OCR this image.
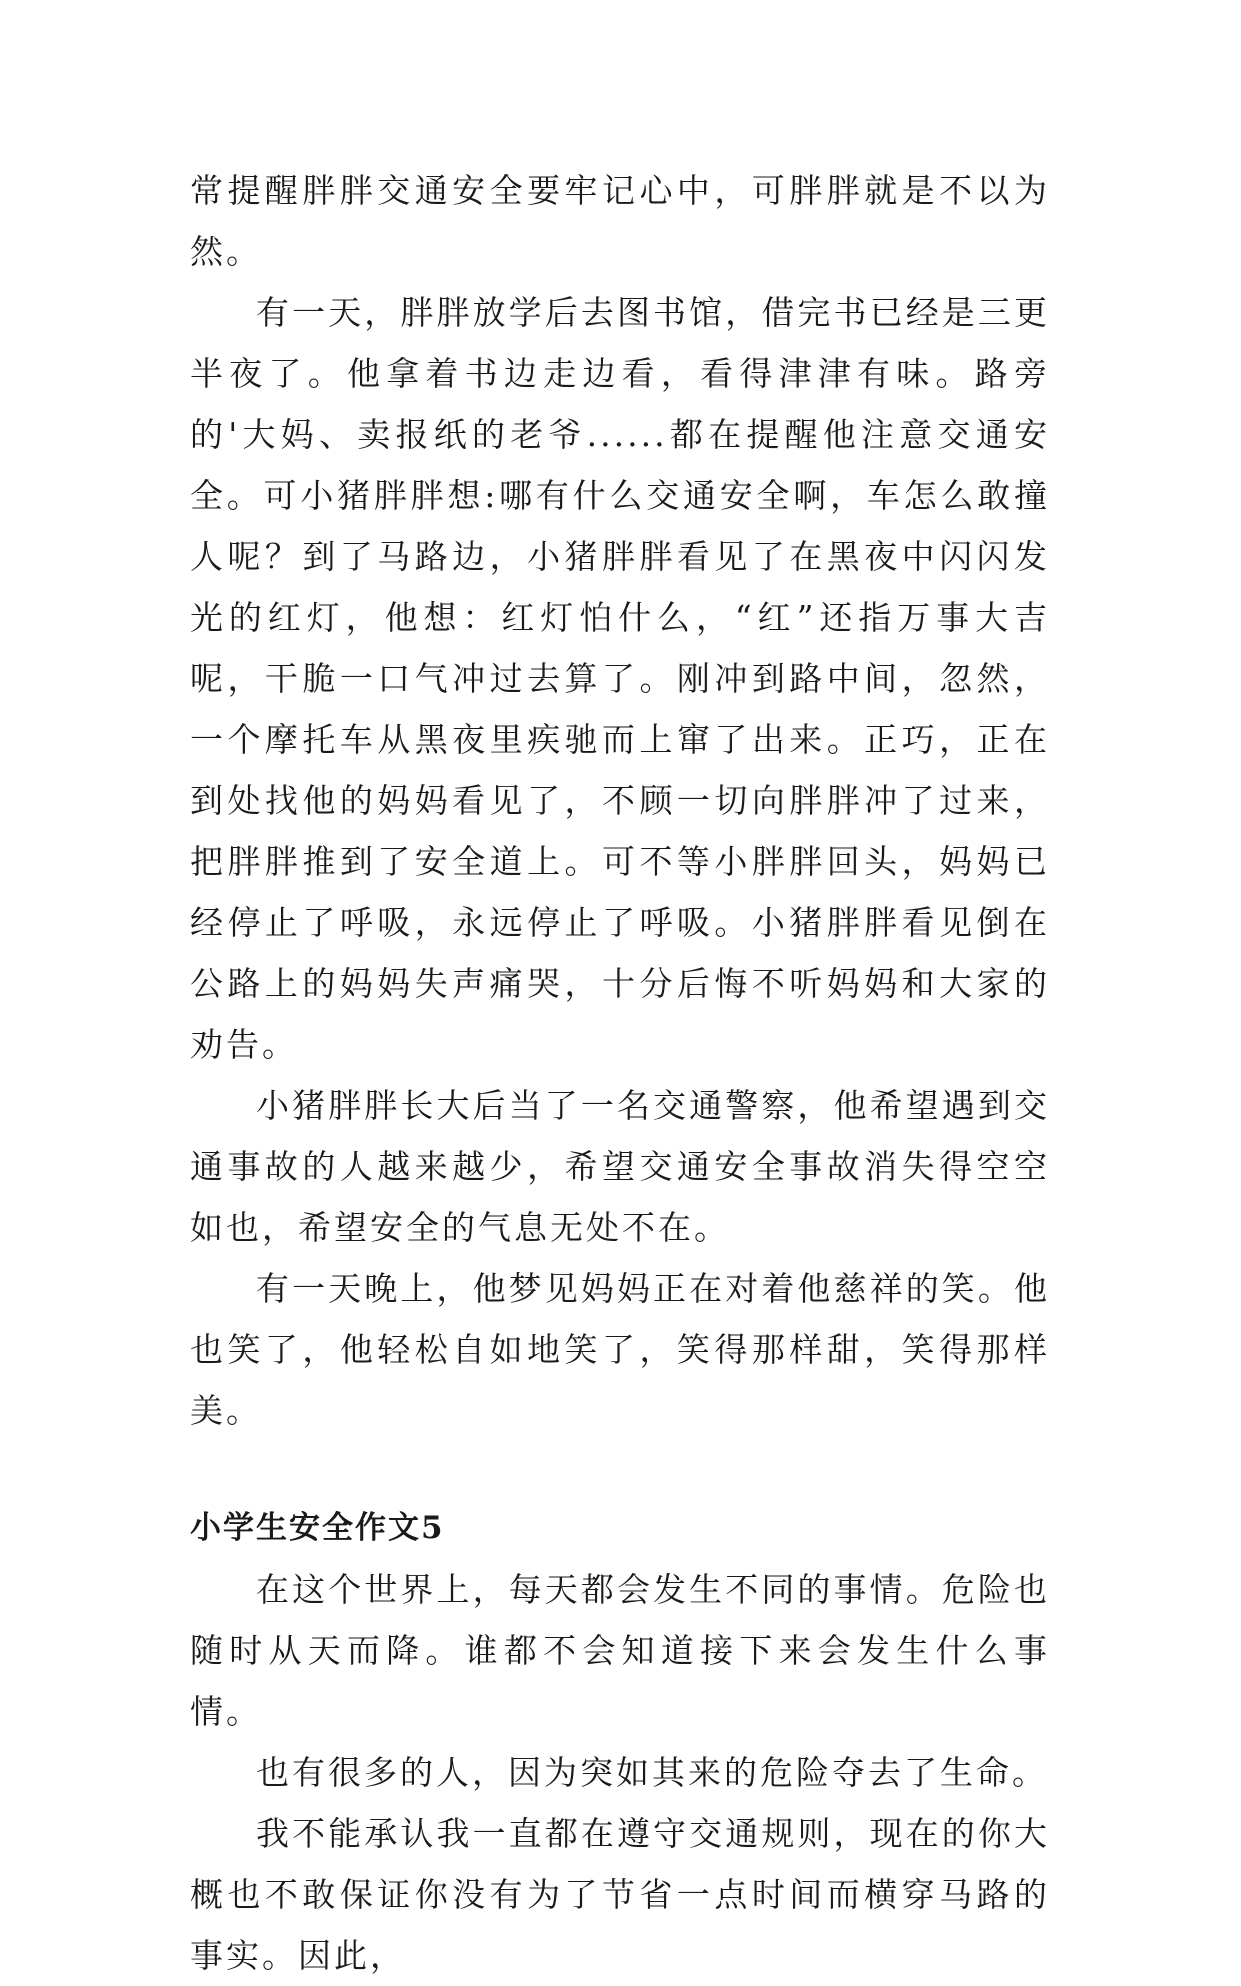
常提醒胖胖交通安全要牢记心中，可胖胖就是不以为然。

有一天，胖胖放学后去图书馆，借完书已经是三更半夜了。他拿着书边走边看，看得津津有味。路旁的'大妈、卖报纸的老爷......都在提醒他注意交通安全。可小猪胖胖想:哪有什么交通安全啊，车怎么敢撞人呢？到了马路边，小猪胖胖看见了在黑夜中闪闪发光的红灯，他想：红灯怕什么，“红”还指万事大吉呢，干脆一口气冲过去算了。刚冲到路中间，忽然，一个摩托车从黑夜里疾驰而上窜了出来。正巧，正在到处找他的妈妈看见了，不顾一切向胖胖冲了过来，把胖胖推到了安全道上。可不等小胖胖回头，妈妈已经停止了呼吸，永远停止了呼吸。小猪胖胖看见倒在公路上的妈妈失声痛哭，十分后悔不听妈妈和大家的劝告。

小猪胖胖长大后当了一名交通警察，他希望遇到交通事故的人越来越少，希望交通安全事故消失得空空如也，希望安全的气息无处不在。

有一天晚上，他梦见妈妈正在对着他慈祥的笑。他也笑了，他轻松自如地笑了，笑得那样甜，笑得那样美。

小学生安全作文5

在这个世界上，每天都会发生不同的事情。危险也随时从天而降。谁都不会知道接下来会发生什么事情。

也有很多的人，因为突如其来的危险夺去了生命。

我不能承认我一直都在遵守交通规则，现在的你大概也不敢保证你没有为了节省一点时间而横穿马路的事实。因此，
